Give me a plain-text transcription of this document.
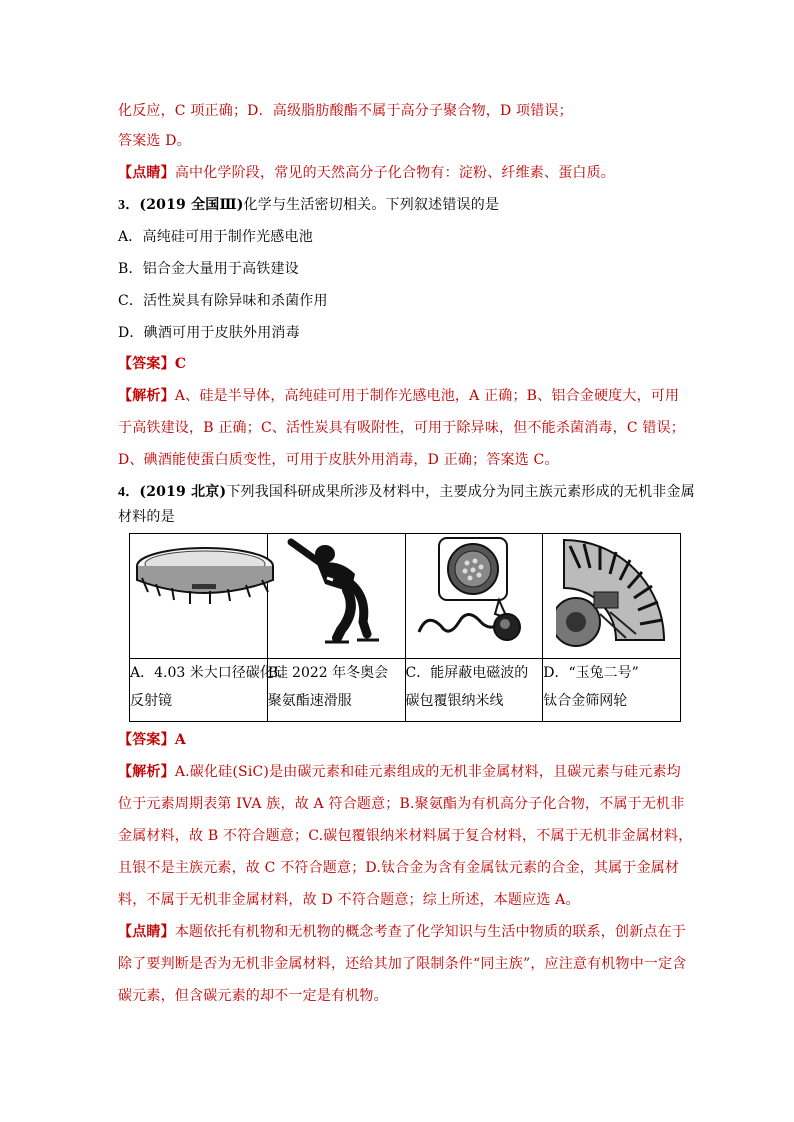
化反应，C 项正确；D．高级脂肪酸酯不属于高分子聚合物，D 项错误；
答案选 D。
【点睛】高中化学阶段，常见的天然高分子化合物有：淀粉、纤维素、蛋白质。
3．(2019 全国Ⅲ)化学与生活密切相关。下列叙述错误的是
A．高纯硅可用于制作光感电池
B．铝合金大量用于高铁建设
C．活性炭具有除异味和杀菌作用
D．碘酒可用于皮肤外用消毒
【答案】C
【解析】A、硅是半导体，高纯硅可用于制作光感电池，A 正确；B、铝合金硬度大，可用
于高铁建设，B 正确；C、活性炭具有吸附性，可用于除异味，但不能杀菌消毒，C 错误；
D、碘酒能使蛋白质变性，可用于皮肤外用消毒，D 正确；答案选 C。
4．(2019 北京)下列我国科研成果所涉及材料中，主要成分为同主族元素形成的无机非金属
材料的是

A．4.03 米大口径碳化硅
反射镜	B．2022 年冬奥会
聚氨酯速滑服	C．能屏蔽电磁波的
碳包覆银纳米线	D．“玉兔二号”
钛合金筛网轮
【答案】A
【解析】A.碳化硅(SiC)是由碳元素和硅元素组成的无机非金属材料，且碳元素与硅元素均
位于元素周期表第 IVA 族，故 A 符合题意；B.聚氨酯为有机高分子化合物，不属于无机非
金属材料，故 B 不符合题意；C.碳包覆银纳米材料属于复合材料，不属于无机非金属材料，
且银不是主族元素，故 C 不符合题意；D.钛合金为含有金属钛元素的合金，其属于金属材
料，不属于无机非金属材料，故 D 不符合题意；综上所述，本题应选 A。
【点睛】本题依托有机物和无机物的概念考查了化学知识与生活中物质的联系，创新点在于
除了要判断是否为无机非金属材料，还给其加了限制条件“同主族”，应注意有机物中一定含
碳元素，但含碳元素的却不一定是有机物。
